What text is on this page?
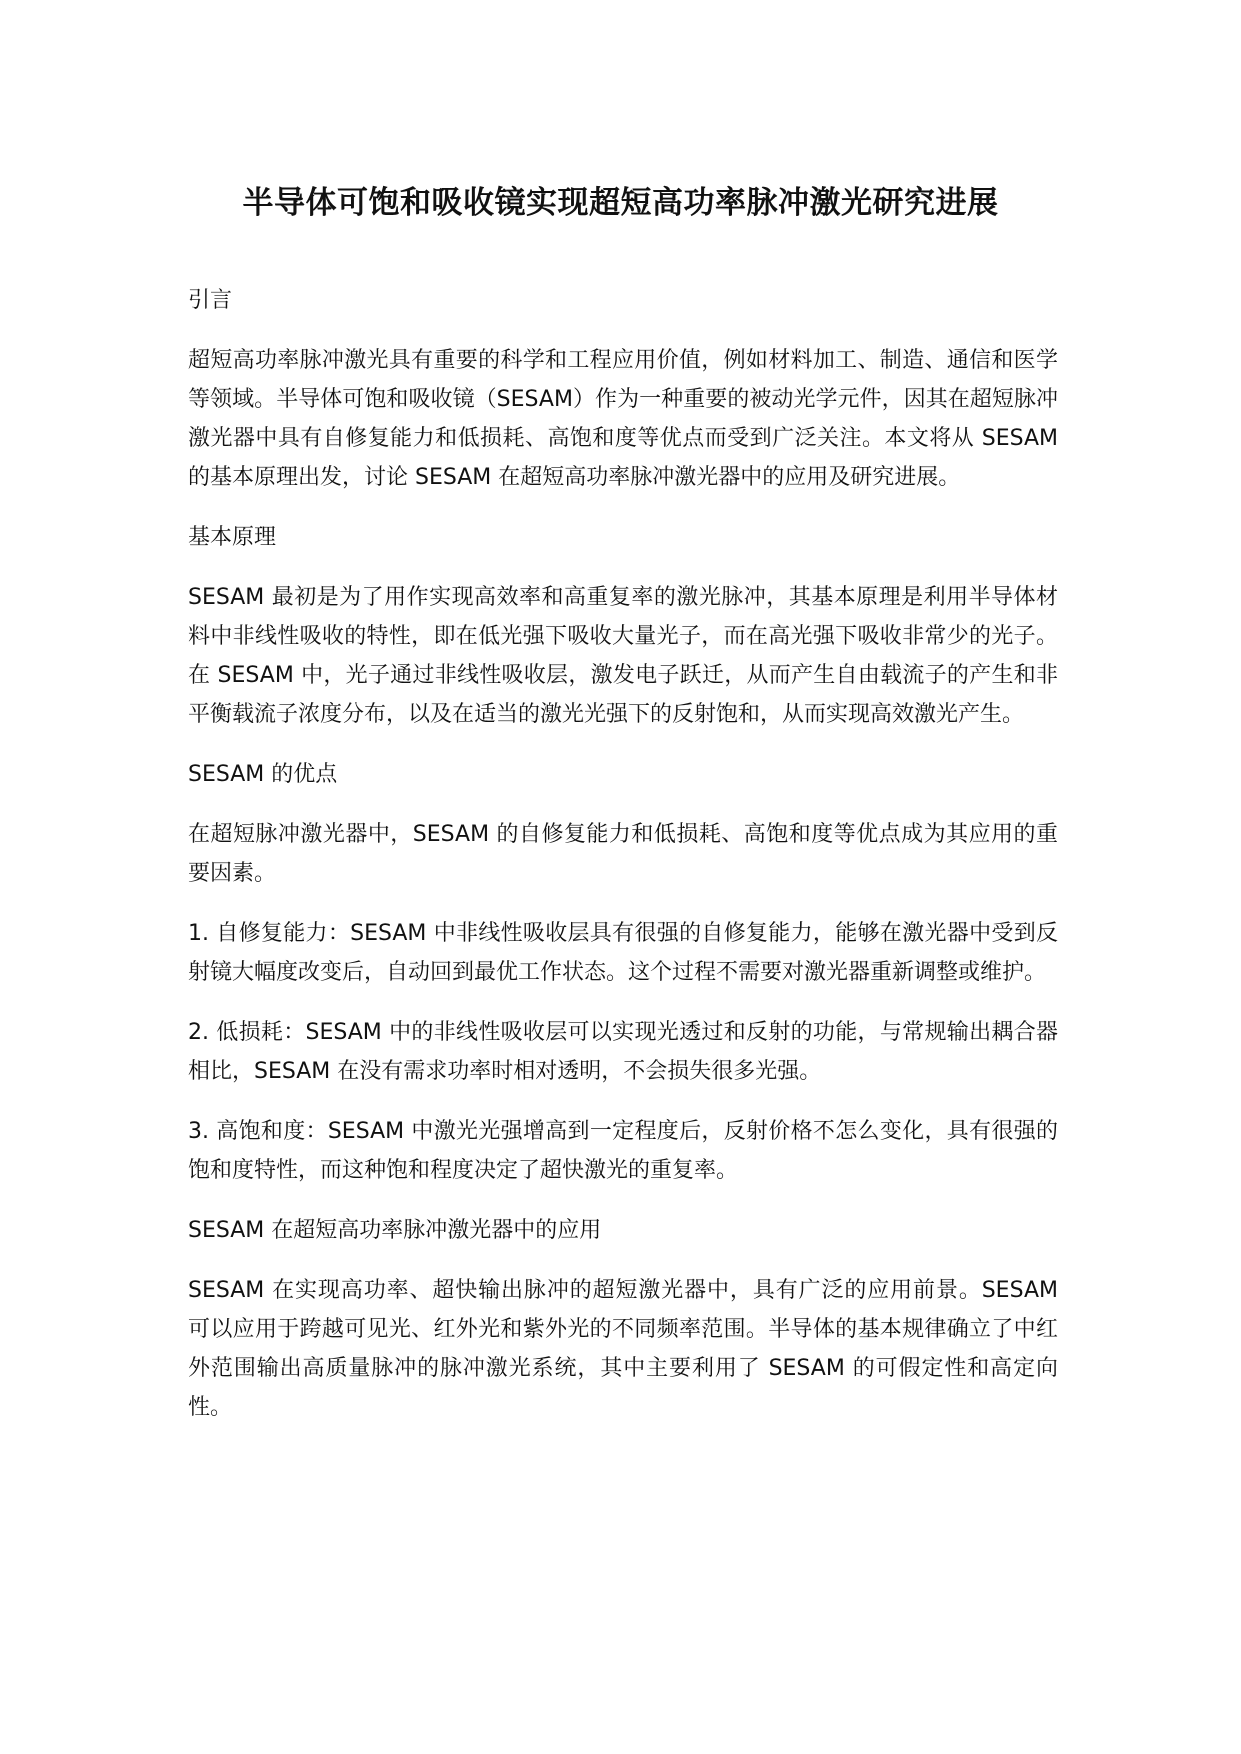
半导体可饱和吸收镜实现超短高功率脉冲激光研究进展

引言

超短高功率脉冲激光具有重要的科学和工程应用价值，例如材料加工、制造、通信和医学等领域。半导体可饱和吸收镜（SESAM）作为一种重要的被动光学元件，因其在超短脉冲激光器中具有自修复能力和低损耗、高饱和度等优点而受到广泛关注。本文将从 SESAM 的基本原理出发，讨论 SESAM 在超短高功率脉冲激光器中的应用及研究进展。

基本原理

SESAM 最初是为了用作实现高效率和高重复率的激光脉冲，其基本原理是利用半导体材料中非线性吸收的特性，即在低光强下吸收大量光子，而在高光强下吸收非常少的光子。在 SESAM 中，光子通过非线性吸收层，激发电子跃迁，从而产生自由载流子的产生和非平衡载流子浓度分布，以及在适当的激光光强下的反射饱和，从而实现高效激光产生。

SESAM 的优点

在超短脉冲激光器中，SESAM 的自修复能力和低损耗、高饱和度等优点成为其应用的重要因素。

1. 自修复能力：SESAM 中非线性吸收层具有很强的自修复能力，能够在激光器中受到反射镜大幅度改变后，自动回到最优工作状态。这个过程不需要对激光器重新调整或维护。

2. 低损耗：SESAM 中的非线性吸收层可以实现光透过和反射的功能，与常规输出耦合器相比，SESAM 在没有需求功率时相对透明，不会损失很多光强。

3. 高饱和度：SESAM 中激光光强增高到一定程度后，反射价格不怎么变化，具有很强的饱和度特性，而这种饱和程度决定了超快激光的重复率。

SESAM 在超短高功率脉冲激光器中的应用

SESAM 在实现高功率、超快输出脉冲的超短激光器中，具有广泛的应用前景。SESAM 可以应用于跨越可见光、红外光和紫外光的不同频率范围。半导体的基本规律确立了中红外范围输出高质量脉冲的脉冲激光系统，其中主要利用了 SESAM 的可假定性和高定向性。
